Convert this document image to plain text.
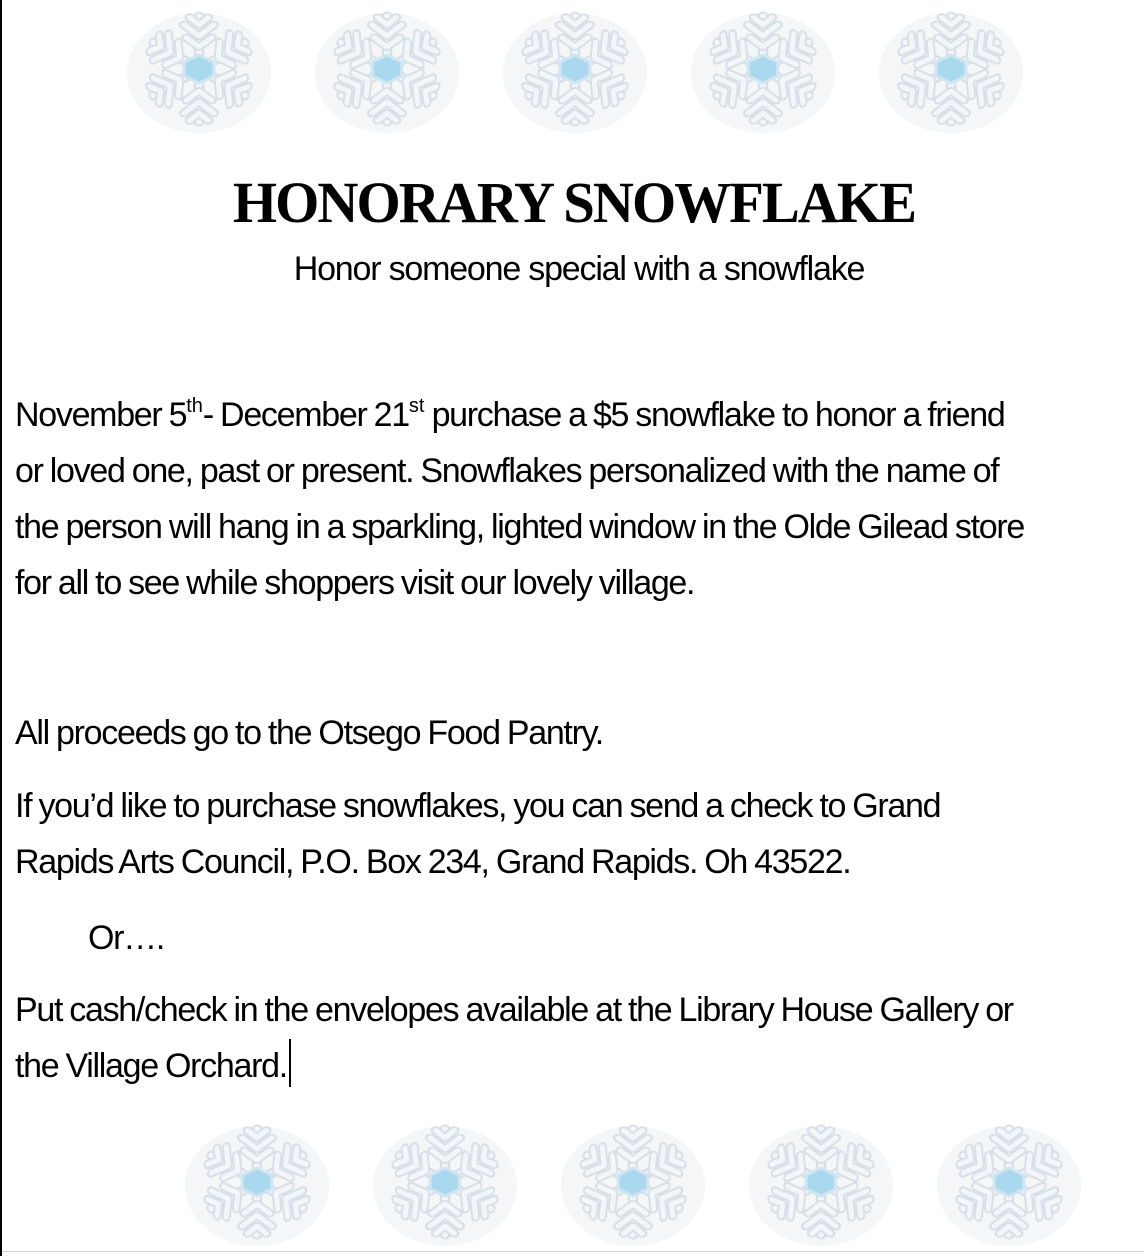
HONORARY SNOWFLAKE
Honor someone special with a snowflake
November 5th- December 21st purchase a $5 snowflake to honor a friend
or loved one, past or present. Snowflakes personalized with the name of
the person will hang in a sparkling, lighted window in the Olde Gilead store
for all to see while shoppers visit our lovely village.
All proceeds go to the Otsego Food Pantry.
If you’d like to purchase snowflakes, you can send a check to Grand
Rapids Arts Council, P.O. Box 234, Grand Rapids. Oh 43522.
Or….
Put cash/check in the envelopes available at the Library House Gallery or
the Village Orchard.
